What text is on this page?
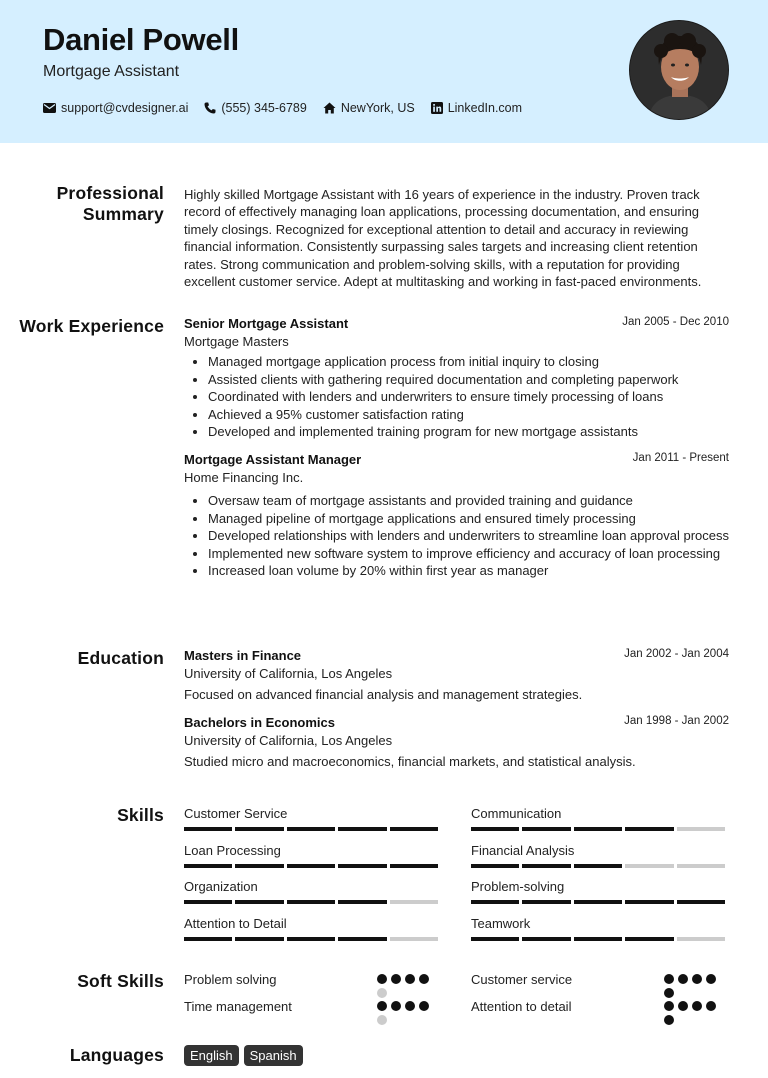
Daniel Powell
Mortgage Assistant
support@cvdesigner.ai	(555) 345-6789	NewYork, US	LinkedIn.com
Professional Summary
Highly skilled Mortgage Assistant with 16 years of experience in the industry. Proven track record of effectively managing loan applications, processing documentation, and ensuring timely closings. Recognized for exceptional attention to detail and accuracy in reviewing financial information. Consistently surpassing sales targets and increasing client retention rates. Strong communication and problem-solving skills, with a reputation for providing excellent customer service. Adept at multitasking and working in fast-paced environments.
Work Experience Senior Mortgage Assistant	Jan 2005 - Dec 2010
Mortgage Masters
Managed mortgage application process from initial inquiry to closing
Assisted clients with gathering required documentation and completing paperwork
Coordinated with lenders and underwriters to ensure timely processing of loans
Achieved a 95% customer satisfaction rating
Developed and implemented training program for new mortgage assistants
Mortgage Assistant Manager	Jan 2011 - Present
Home Financing Inc.
Oversaw team of mortgage assistants and provided training and guidance
Managed pipeline of mortgage applications and ensured timely processing
Developed relationships with lenders and underwriters to streamline loan approval process
Implemented new software system to improve efficiency and accuracy of loan processing
Increased loan volume by 20% within first year as manager
Education Masters in Finance	Jan 2002 - Jan 2004
University of California, Los Angeles
Focused on advanced financial analysis and management strategies.
Bachelors in Economics	Jan 1998 - Jan 2002
University of California, Los Angeles
Studied micro and macroeconomics, financial markets, and statistical analysis.
Skills Customer Service	Communication
Loan Processing	Financial Analysis
Organization	Problem-solving
Attention to Detail	Teamwork
Soft Skills Problem solving	Customer service
Time management	Attention to detail
Languages	English	Spanish
